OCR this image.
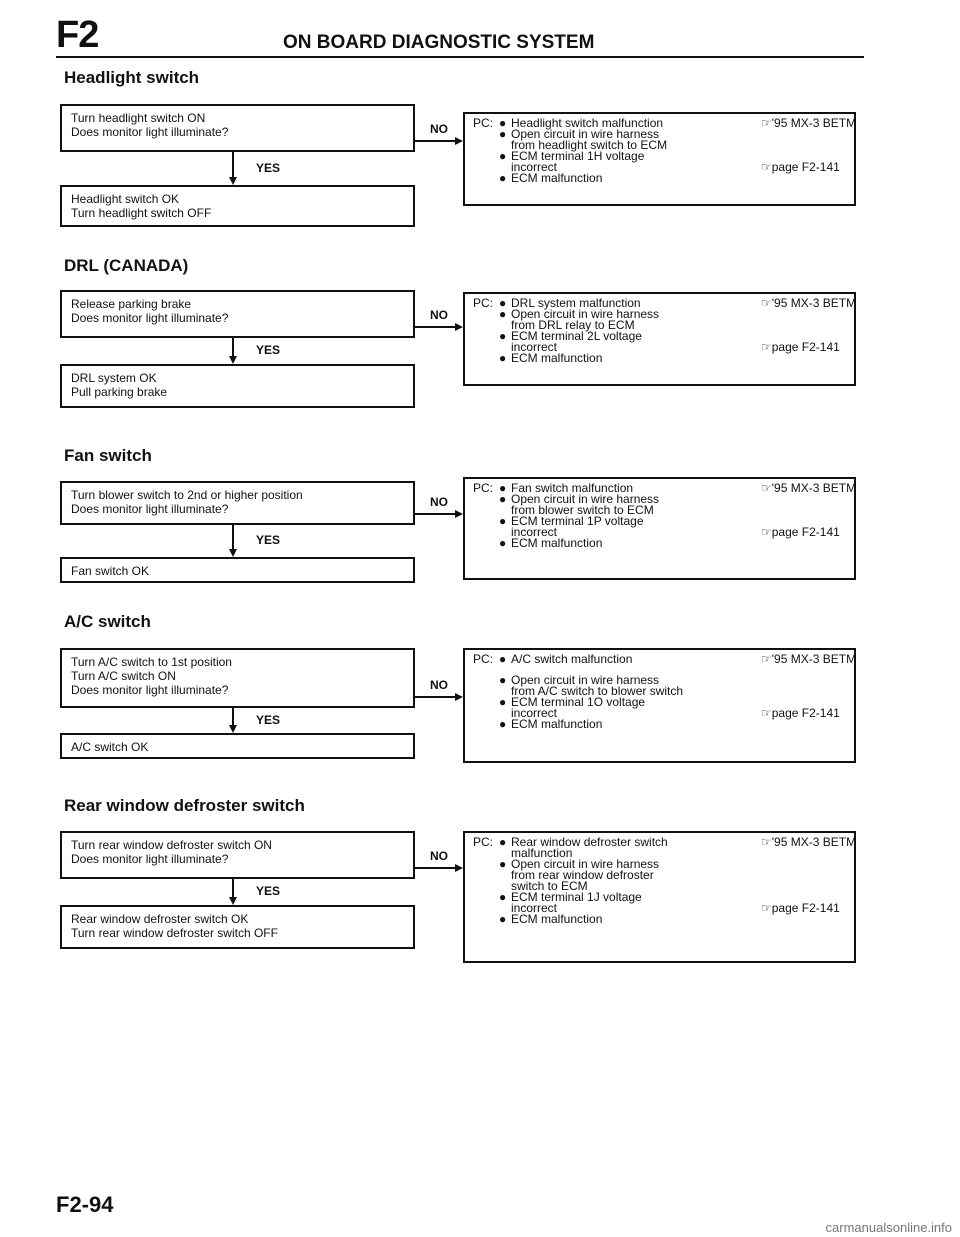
F2	ON BOARD DIAGNOSTIC SYSTEM
Headlight switch
Turn headlight switch ON
Does monitor light illuminate?
YES
Headlight switch OK
Turn headlight switch OFF
NO PC: ● Headlight switch malfunction	☞'95 MX-3 BETM
● Open circuit in wire harness
from headlight switch to ECM
● ECM terminal 1H voltage
incorrect	☞page F2-141
● ECM malfunction
DRL (CANADA)
Release parking brake
Does monitor light illuminate?
YES
DRL system OK
Pull parking brake
NO
PC: ● DRL system malfunction	☞'95 MX-3 BETM
● Open circuit in wire harness
from DRL relay to ECM
● ECM terminal 2L voltage
incorrect	☞page F2-141
● ECM malfunction
Fan switch
Turn blower switch to 2nd or higher position
Does monitor light illuminate?
YES
Fan switch OK
NO
PC: ● Fan switch malfunction	☞'95 MX-3 BETM
● Open circuit in wire harness
from blower switch to ECM
● ECM terminal 1P voltage
incorrect	☞page F2-141
● ECM malfunction
A/C switch
Turn A/C switch to 1st position
Turn A/C switch ON
Does monitor light illuminate?
YES
A/C switch OK
NO
PC: ● A/C switch malfunction	☞'95 MX-3 BETM
● Open circuit in wire harness
from A/C switch to blower switch
● ECM terminal 1O voltage
incorrect	☞page F2-141
● ECM malfunction
Rear window defroster switch
Turn rear window defroster switch ON
Does monitor light illuminate?
YES
Rear window defroster switch OK
Turn rear window defroster switch OFF
NO
PC: ● Rear window defroster switch
malfunction
☞'95 MX-3 BETM
● Open circuit in wire harness
from rear window defroster
switch to ECM
● ECM terminal 1J voltage
incorrect	☞page F2-141
● ECM malfunction
F2-94
carmanualsonline.info
